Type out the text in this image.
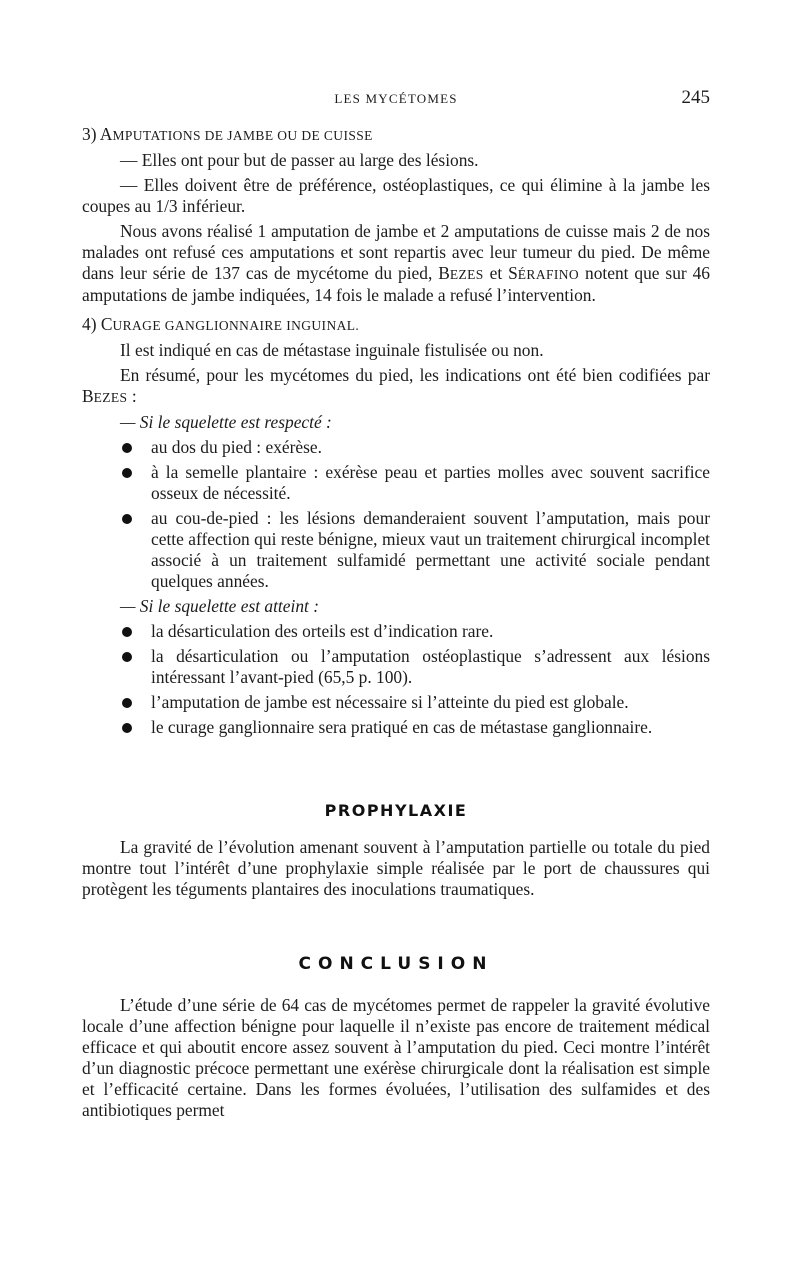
LES MYCÉTOMES	245

3) AMPUTATIONS DE JAMBE OU DE CUISSE

— Elles ont pour but de passer au large des lésions.

— Elles doivent être de préférence, ostéoplastiques, ce qui élimine à la jambe les coupes au 1/3 inférieur.

Nous avons réalisé 1 amputation de jambe et 2 amputations de cuisse mais 2 de nos malades ont refusé ces amputations et sont repartis avec leur tumeur du pied. De même dans leur série de 137 cas de mycétome du pied, BEZES et SÉRAFINO notent que sur 46 amputations de jambe indiquées, 14 fois le malade a refusé l’intervention.

4) CURAGE GANGLIONNAIRE INGUINAL.

Il est indiqué en cas de métastase inguinale fistulisée ou non.

En résumé, pour les mycétomes du pied, les indications ont été bien codifiées par BEZES :

— Si le squelette est respecté :

au dos du pied : exérèse.
à la semelle plantaire : exérèse peau et parties molles avec souvent sacrifice osseux de nécessité.
au cou-de-pied : les lésions demanderaient souvent l’amputation, mais pour cette affection qui reste bénigne, mieux vaut un traitement chirurgical incomplet associé à un traitement sulfamidé permettant une activité sociale pendant quelques années.

— Si le squelette est atteint :

la désarticulation des orteils est d’indication rare.
la désarticulation ou l’amputation ostéoplastique s’adressent aux lésions intéressant l’avant-pied (65,5 p. 100).
l’amputation de jambe est nécessaire si l’atteinte du pied est globale.
le curage ganglionnaire sera pratiqué en cas de métastase ganglionnaire.
PROPHYLAXIE

La gravité de l’évolution amenant souvent à l’amputation partielle ou totale du pied montre tout l’intérêt d’une prophylaxie simple réalisée par le port de chaussures qui protègent les téguments plantaires des inoculations traumatiques.

CONCLUSION

L’étude d’une série de 64 cas de mycétomes permet de rappeler la gravité évolutive locale d’une affection bénigne pour laquelle il n’existe pas encore de traitement médical efficace et qui aboutit encore assez souvent à l’amputation du pied. Ceci montre l’intérêt d’un diagnostic précoce permettant une exérèse chirurgicale dont la réalisation est simple et l’efficacité certaine. Dans les formes évoluées, l’utilisation des sulfamides et des antibiotiques permet
